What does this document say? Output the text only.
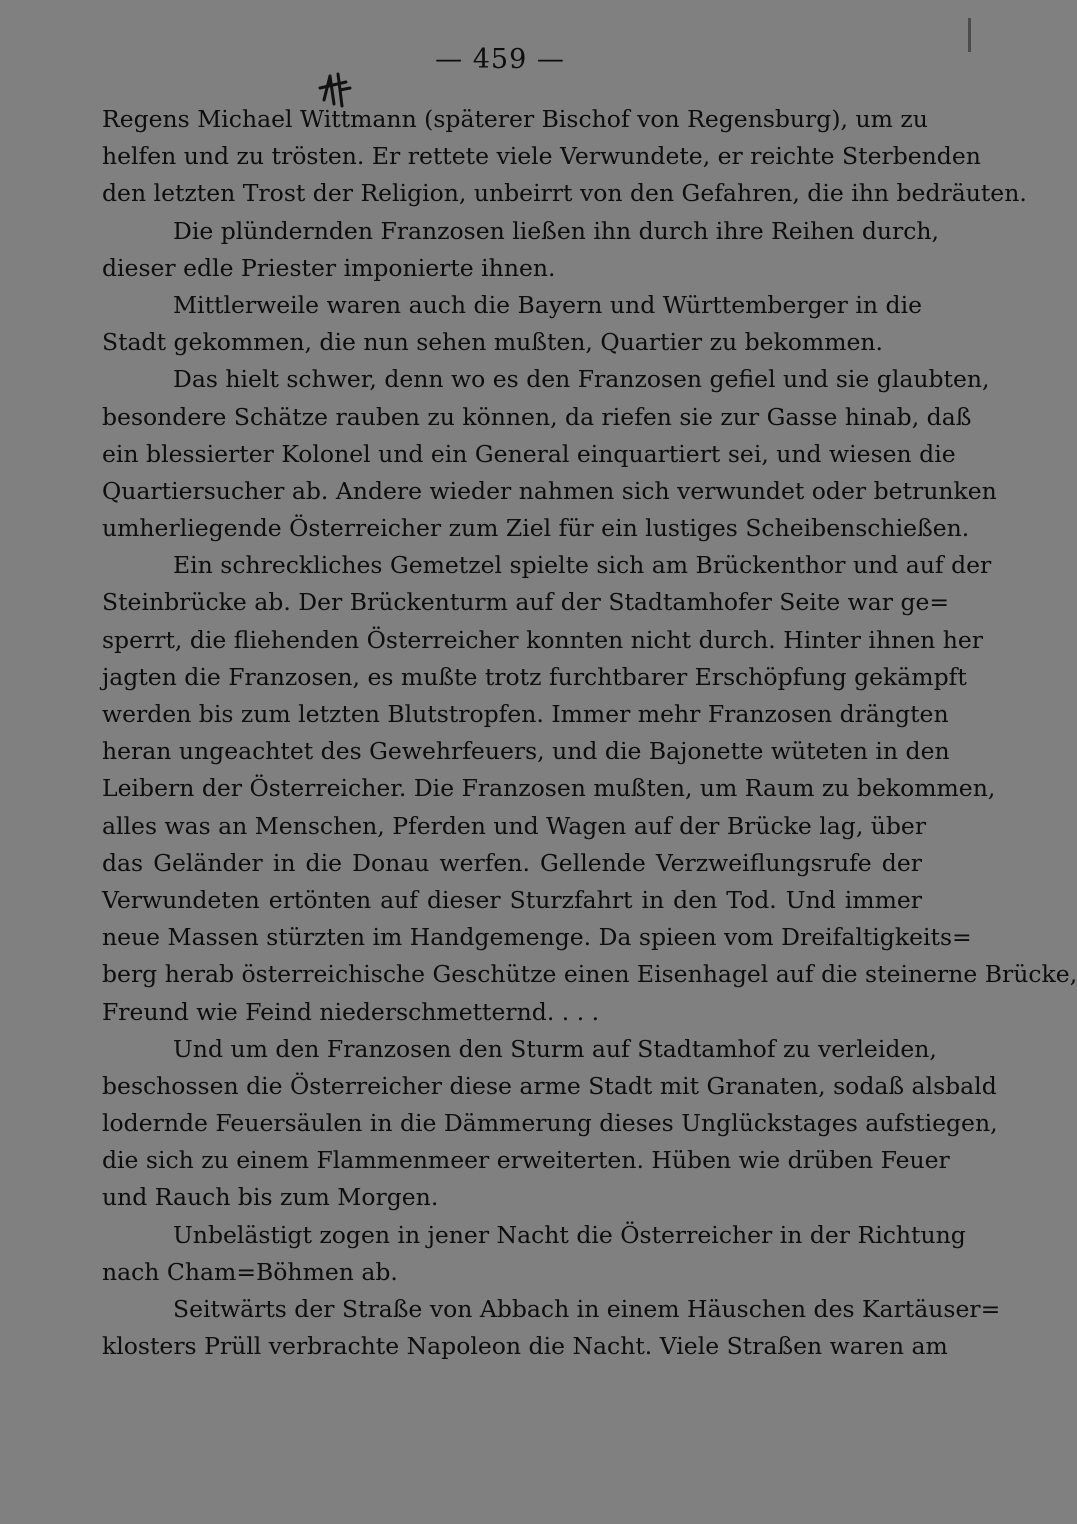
— 459 —
Regens Michael Wittmann (späterer Bischof von Regensburg), um zu
helfen und zu trösten. Er rettete viele Verwundete, er reichte Sterbenden
den letzten Trost der Religion, unbeirrt von den Gefahren, die ihn bedräuten.
Die plündernden Franzosen ließen ihn durch ihre Reihen durch,
dieser edle Priester imponierte ihnen.
Mittlerweile waren auch die Bayern und Württemberger in die
Stadt gekommen, die nun sehen mußten, Quartier zu bekommen.
Das hielt schwer, denn wo es den Franzosen gefiel und sie glaubten,
besondere Schätze rauben zu können, da riefen sie zur Gasse hinab, daß
ein blessierter Kolonel und ein General einquartiert sei, und wiesen die
Quartiersucher ab. Andere wieder nahmen sich verwundet oder betrunken
umherliegende Österreicher zum Ziel für ein lustiges Scheibenschießen.
Ein schreckliches Gemetzel spielte sich am Brückenthor und auf der
Steinbrücke ab. Der Brückenturm auf der Stadtamhofer Seite war ge=
sperrt, die fliehenden Österreicher konnten nicht durch. Hinter ihnen her
jagten die Franzosen, es mußte trotz furchtbarer Erschöpfung gekämpft
werden bis zum letzten Blutstropfen. Immer mehr Franzosen drängten
heran ungeachtet des Gewehrfeuers, und die Bajonette wüteten in den
Leibern der Österreicher. Die Franzosen mußten, um Raum zu bekommen,
alles was an Menschen, Pferden und Wagen auf der Brücke lag, über
das Geländer in die Donau werfen. Gellende Verzweiflungsrufe der
Verwundeten ertönten auf dieser Sturzfahrt in den Tod. Und immer
neue Massen stürzten im Handgemenge. Da spieen vom Dreifaltigkeits=
berg herab österreichische Geschütze einen Eisenhagel auf die steinerne Brücke,
Freund wie Feind niederschmetternd. . . .
Und um den Franzosen den Sturm auf Stadtamhof zu verleiden,
beschossen die Österreicher diese arme Stadt mit Granaten, sodaß alsbald
lodernde Feuersäulen in die Dämmerung dieses Unglückstages aufstiegen,
die sich zu einem Flammenmeer erweiterten. Hüben wie drüben Feuer
und Rauch bis zum Morgen.
Unbelästigt zogen in jener Nacht die Österreicher in der Richtung
nach Cham=Böhmen ab.
Seitwärts der Straße von Abbach in einem Häuschen des Kartäuser=
klosters Prüll verbrachte Napoleon die Nacht. Viele Straßen waren am
